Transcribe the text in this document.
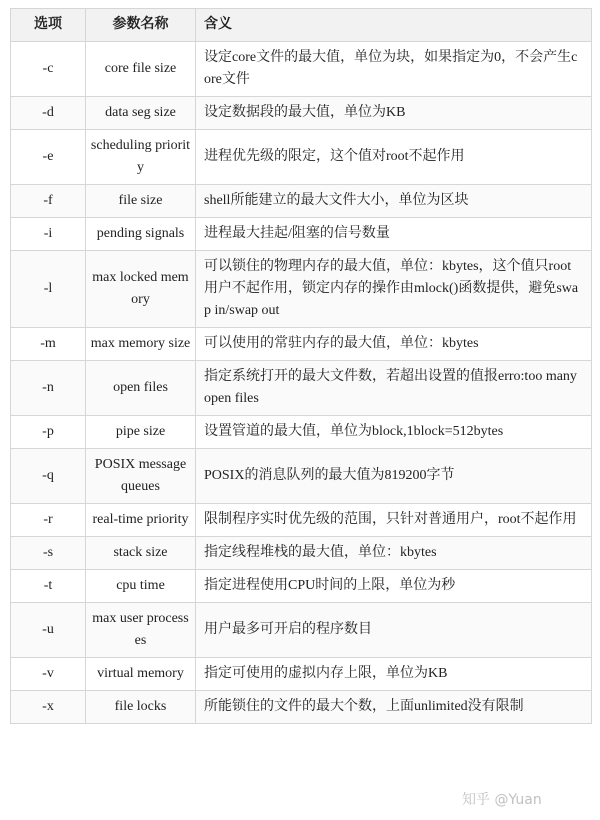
选项	参数名称	含义
-c	core file size	设定core文件的最大值，单位为块，如果指定为0，不会产生core文件
-d	data seg size	设定数据段的最大值，单位为KB
-e	scheduling priority	进程优先级的限定，这个值对root不起作用
-f	file size	shell所能建立的最大文件大小，单位为区块
-i	pending signals	进程最大挂起/阻塞的信号数量
-l	max locked memory	可以锁住的物理内存的最大值，单位：kbytes，这个值只root用户不起作用，锁定内存的操作由mlock()函数提供，避免swap in/swap out
-m	max memory size	可以使用的常驻内存的最大值，单位：kbytes
-n	open files	指定系统打开的最大文件数，若超出设置的值报erro:too many open files
-p	pipe size	设置管道的最大值，单位为block,1block=512bytes
-q	POSIX message queues	POSIX的消息队列的最大值为819200字节
-r	real-time priority	限制程序实时优先级的范围，只针对普通用户，root不起作用
-s	stack size	指定线程堆栈的最大值，单位：kbytes
-t	cpu time	指定进程使用CPU时间的上限，单位为秒
-u	max user processes	用户最多可开启的程序数目
-v	virtual memory	指定可使用的虚拟内存上限，单位为KB
-x	file locks	所能锁住的文件的最大个数，上面unlimited没有限制
知乎 @Yuan
